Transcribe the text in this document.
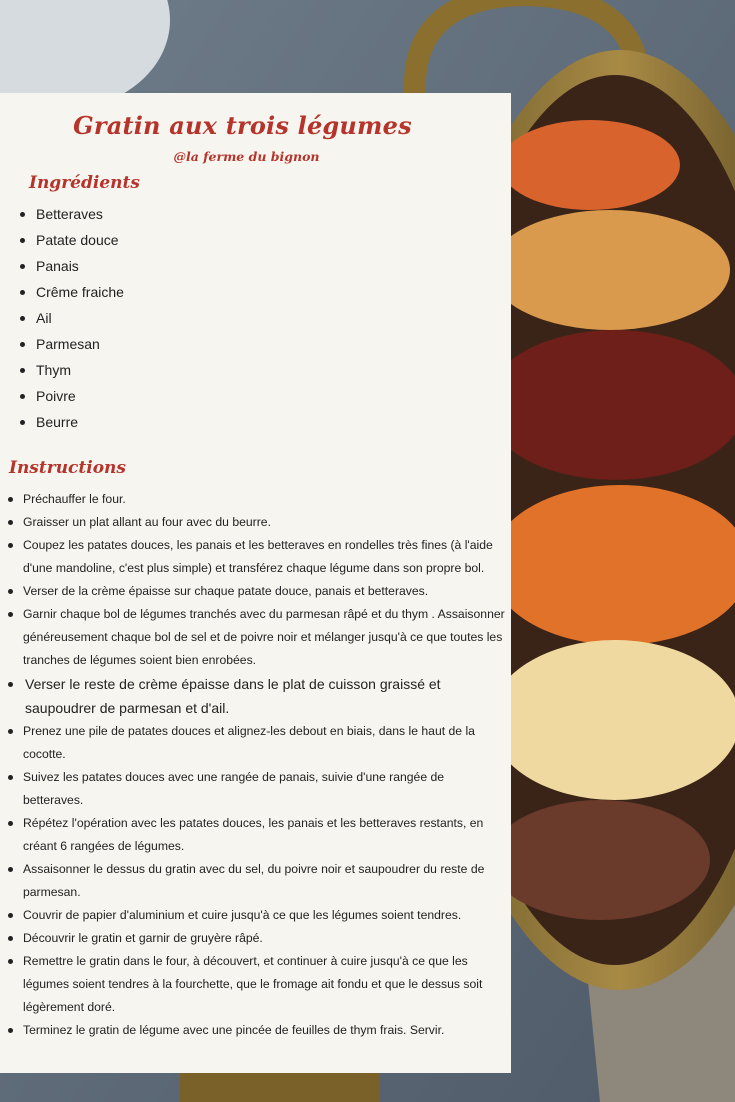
Gratin aux trois légumes
@la ferme du bignon
Ingrédients
Betteraves
Patate douce
Panais
Crême fraiche
Ail
Parmesan
Thym
Poivre
Beurre
Instructions
Préchauffer le four.
Graisser un plat allant au four avec du beurre.
Coupez les patates douces, les panais et les betteraves en rondelles très fines (à l'aide d'une mandoline, c'est plus simple) et transférez chaque légume dans son propre bol.
Verser de la crème épaisse sur chaque patate douce, panais et betteraves.
Garnir chaque bol de légumes tranchés avec du parmesan râpé et du thym . Assaisonner généreusement chaque bol de sel et de poivre noir et mélanger jusqu'à ce que toutes les tranches de légumes soient bien enrobées.
Verser le reste de crème épaisse dans le plat de cuisson graissé et saupoudrer de parmesan et d'ail.
Prenez une pile de patates douces et alignez-les debout en biais, dans le haut de la cocotte.
Suivez les patates douces avec une rangée de panais, suivie d'une rangée de betteraves.
Répétez l'opération avec les patates douces, les panais et les betteraves restants, en créant 6 rangées de légumes.
Assaisonner le dessus du gratin avec du sel, du poivre noir et saupoudrer du reste de parmesan.
Couvrir de papier d'aluminium et cuire jusqu'à ce que les légumes soient tendres.
Découvrir le gratin et garnir de gruyère râpé.
Remettre le gratin dans le four, à découvert, et continuer à cuire jusqu'à ce que les légumes soient tendres à la fourchette, que le fromage ait fondu et que le dessus soit légèrement doré.
Terminez le gratin de légume avec une pincée de feuilles de thym frais. Servir.
